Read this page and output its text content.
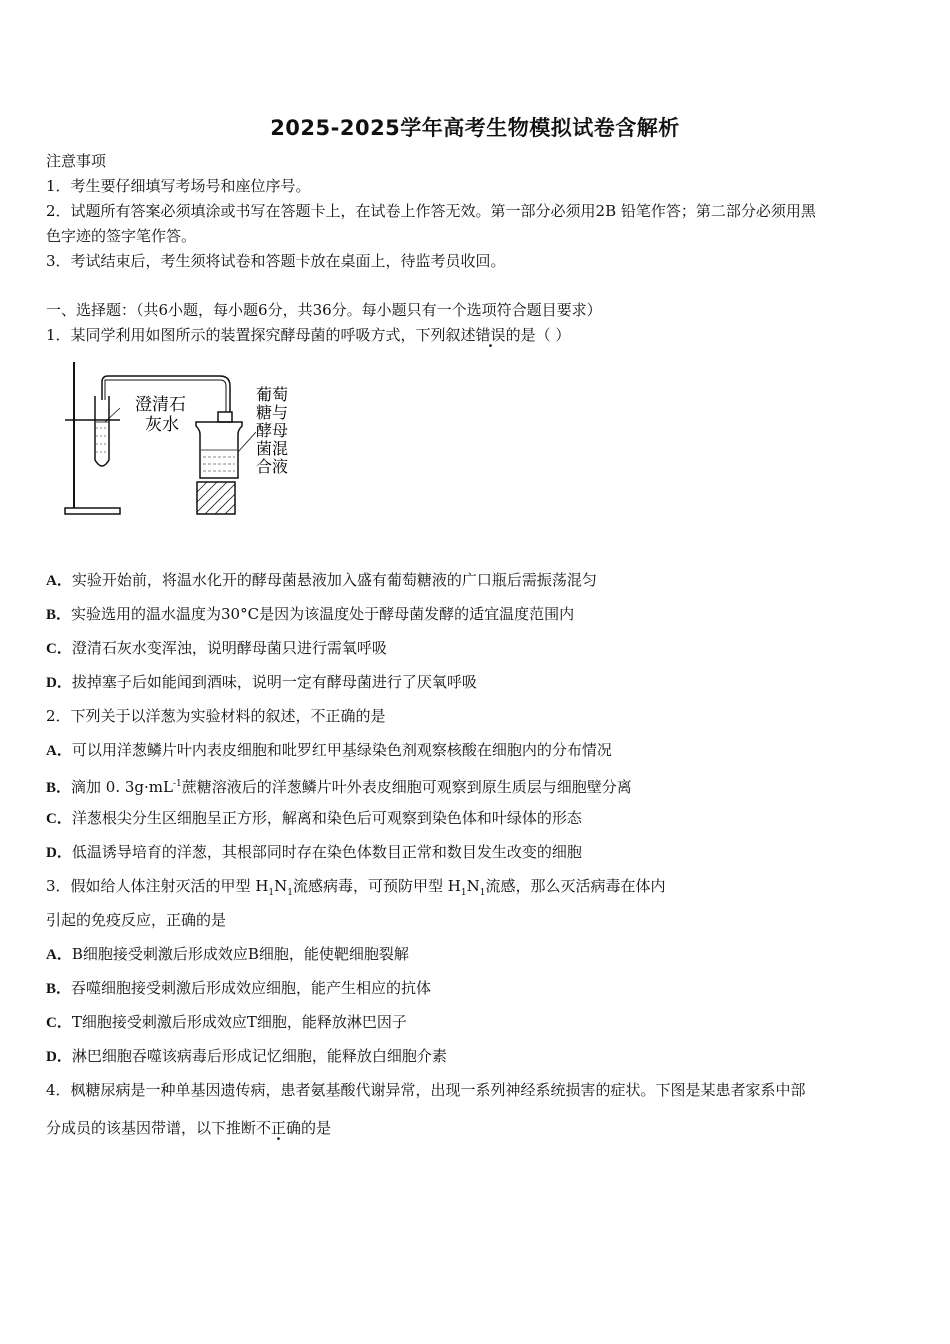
2025-2025学年高考生物模拟试卷含解析
注意事项
1．考生要仔细填写考场号和座位序号。
2．试题所有答案必须填涂或书写在答题卡上，在试卷上作答无效。第一部分必须用2B 铅笔作答；第二部分必须用黑
色字迹的签字笔作答。
3．考试结束后，考生须将试卷和答题卡放在桌面上，待监考员收回。
一、选择题：（共6小题，每小题6分，共36分。每小题只有一个选项符合题目要求）
1．某同学利用如图所示的装置探究酵母菌的呼吸方式，下列叙述错误的是（ ）
澄清石
灰水
葡萄
糖与
酵母
菌混
合液
A．实验开始前，将温水化开的酵母菌悬液加入盛有葡萄糖液的广口瓶后需振荡混匀
B．实验选用的温水温度为30°C是因为该温度处于酵母菌发酵的适宜温度范围内
C．澄清石灰水变浑浊，说明酵母菌只进行需氧呼吸
D．拔掉塞子后如能闻到酒味，说明一定有酵母菌进行了厌氧呼吸
2．下列关于以洋葱为实验材料的叙述，不正确的是
A．可以用洋葱鳞片叶内表皮细胞和吡罗红甲基绿染色剂观察核酸在细胞内的分布情况
B．滴加 0. $3g\cdot mL^{-1}$蔗糖溶液后的洋葱鳞片叶外表皮细胞可观察到原生质层与细胞壁分离
C．洋葱根尖分生区细胞呈正方形，解离和染色后可观察到染色体和叶绿体的形态
D．低温诱导培育的洋葱，其根部同时存在染色体数目正常和数目发生改变的细胞
3．假如给人体注射灭活的甲型 $H_1N_1$流感病毒，可预防甲型 $H_1N_1$流感，那么灭活病毒在体内
引起的免疫反应，正确的是
A．B细胞接受刺激后形成效应B细胞，能使靶细胞裂解
B．吞噬细胞接受刺激后形成效应细胞，能产生相应的抗体
C．T细胞接受刺激后形成效应T细胞，能释放淋巴因子
D．淋巴细胞吞噬该病毒后形成记忆细胞，能释放白细胞介素
4．枫糖尿病是一种单基因遗传病，患者氨基酸代谢异常，出现一系列神经系统损害的症状。下图是某患者家系中部
分成员的该基因带谱，以下推断不正确的是
